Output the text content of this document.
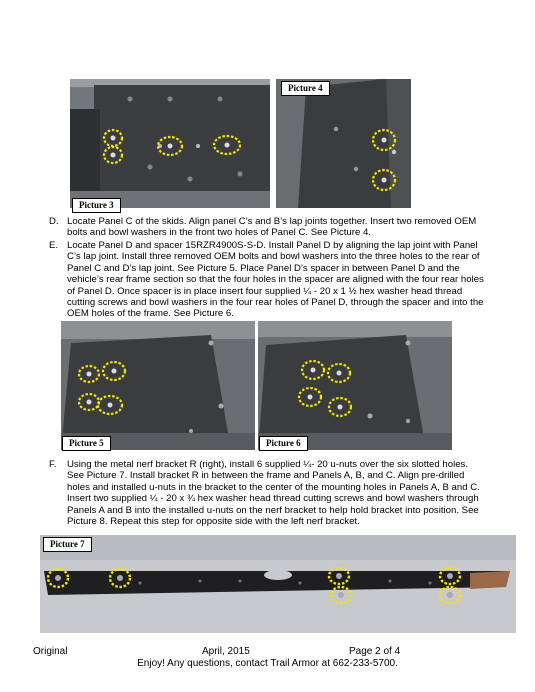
Picture 3
Picture 4
D. Locate Panel C of the skids. Align panel C’s and B’s lap joints together. Insert two removed OEM bolts and bowl washers in the front two holes of Panel C. See Picture 4.
E. Locate Panel D and spacer 15RZR4900S-S-D. Install Panel D by aligning the lap joint with Panel C’s lap joint. Install three removed OEM bolts and bowl washers into the three holes to the rear of Panel C and D’s lap joint. See Picture 5. Place Panel D’s spacer in between Panel D and the vehicle’s rear frame section so that the four holes in the spacer are aligned with the four rear holes of Panel D. Once spacer is in place insert four supplied ¼ - 20 x 1 ½ hex washer head thread cutting screws and bowl washers in the four rear holes of Panel D, through the spacer and into the OEM holes of the frame. See Picture 6.
Picture 5	Picture 6
F. Using the metal nerf bracket R (right), install 6 supplied ¼- 20 u-nuts over the six slotted holes. See Picture 7. Install bracket R in between the frame and Panels A, B, and C. Align pre-drilled holes and installed u-nuts in the bracket to the center of the mounting holes in Panels A, B and C. Insert two supplied ¼ - 20 x ¾ hex washer head thread cutting screws and bowl washers through Panels A and B into the installed u-nuts on the nerf bracket to help hold bracket into position. See Picture 8. Repeat this step for opposite side with the left nerf bracket.
Picture 7
Original	April, 2015	Page 2 of 4
Enjoy! Any questions, contact Trail Armor at 662-233-5700.
